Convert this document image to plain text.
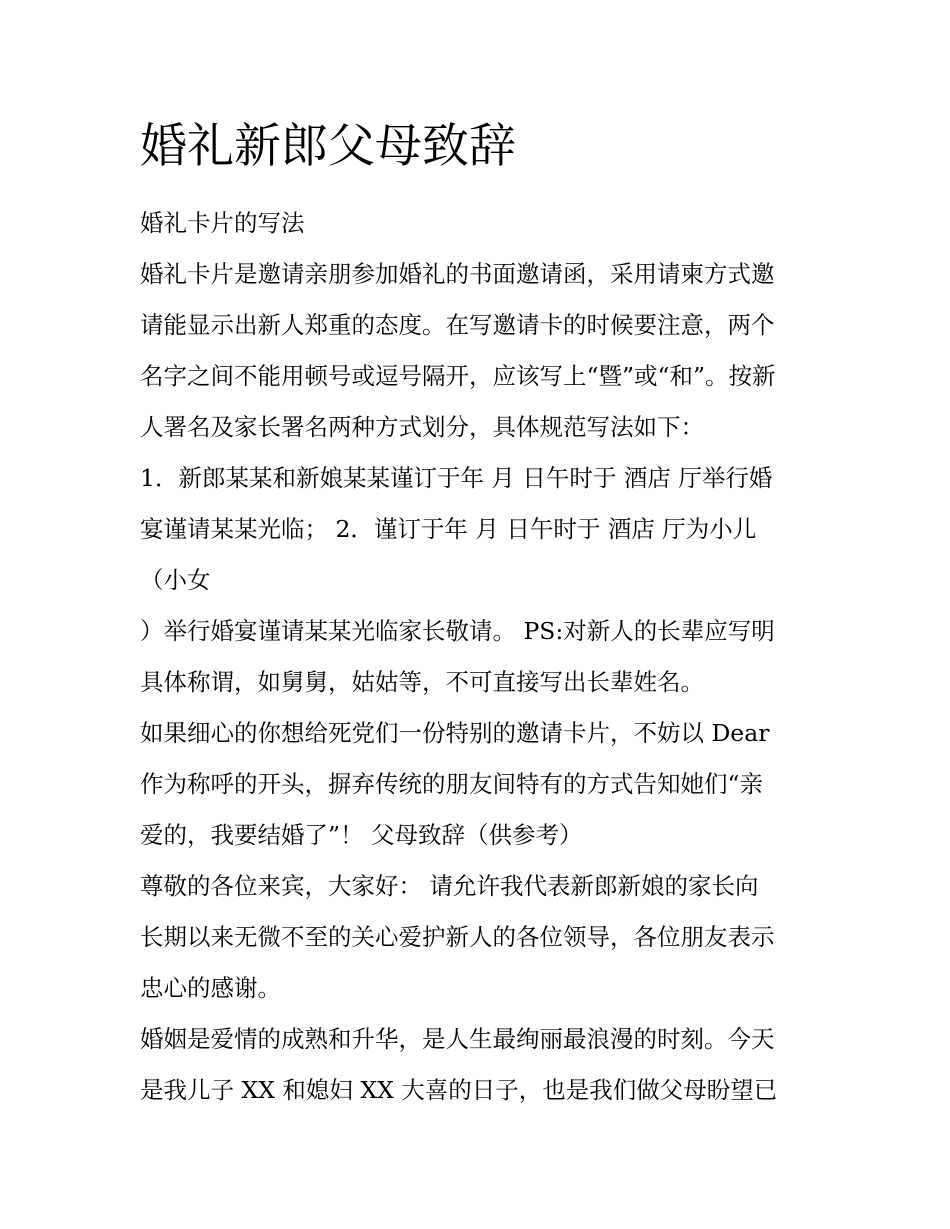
婚礼新郎父母致辞
婚礼卡片的写法
婚礼卡片是邀请亲朋参加婚礼的书面邀请函，采用请柬方式邀
请能显示出新人郑重的态度。在写邀请卡的时候要注意，两个
名字之间不能用顿号或逗号隔开，应该写上“暨”或“和”。按新
人署名及家长署名两种方式划分，具体规范写法如下：
1．新郎某某和新娘某某谨订于年 月 日午时于 酒店 厅举行婚
宴谨请某某光临； 2．谨订于年 月 日午时于 酒店 厅为小儿
（小女
）举行婚宴谨请某某光临家长敬请。 PS:对新人的长辈应写明
具体称谓，如舅舅，姑姑等，不可直接写出长辈姓名。
如果细心的你想给死党们一份特别的邀请卡片，不妨以 Dear
作为称呼的开头，摒弃传统的朋友间特有的方式告知她们“亲
爱的，我要结婚了”！ 父母致辞（供参考）
尊敬的各位来宾，大家好： 请允许我代表新郎新娘的家长向
长期以来无微不至的关心爱护新人的各位领导，各位朋友表示
忠心的感谢。
婚姻是爱情的成熟和升华，是人生最绚丽最浪漫的时刻。今天
是我儿子 XX 和媳妇 XX 大喜的日子，也是我们做父母盼望已
